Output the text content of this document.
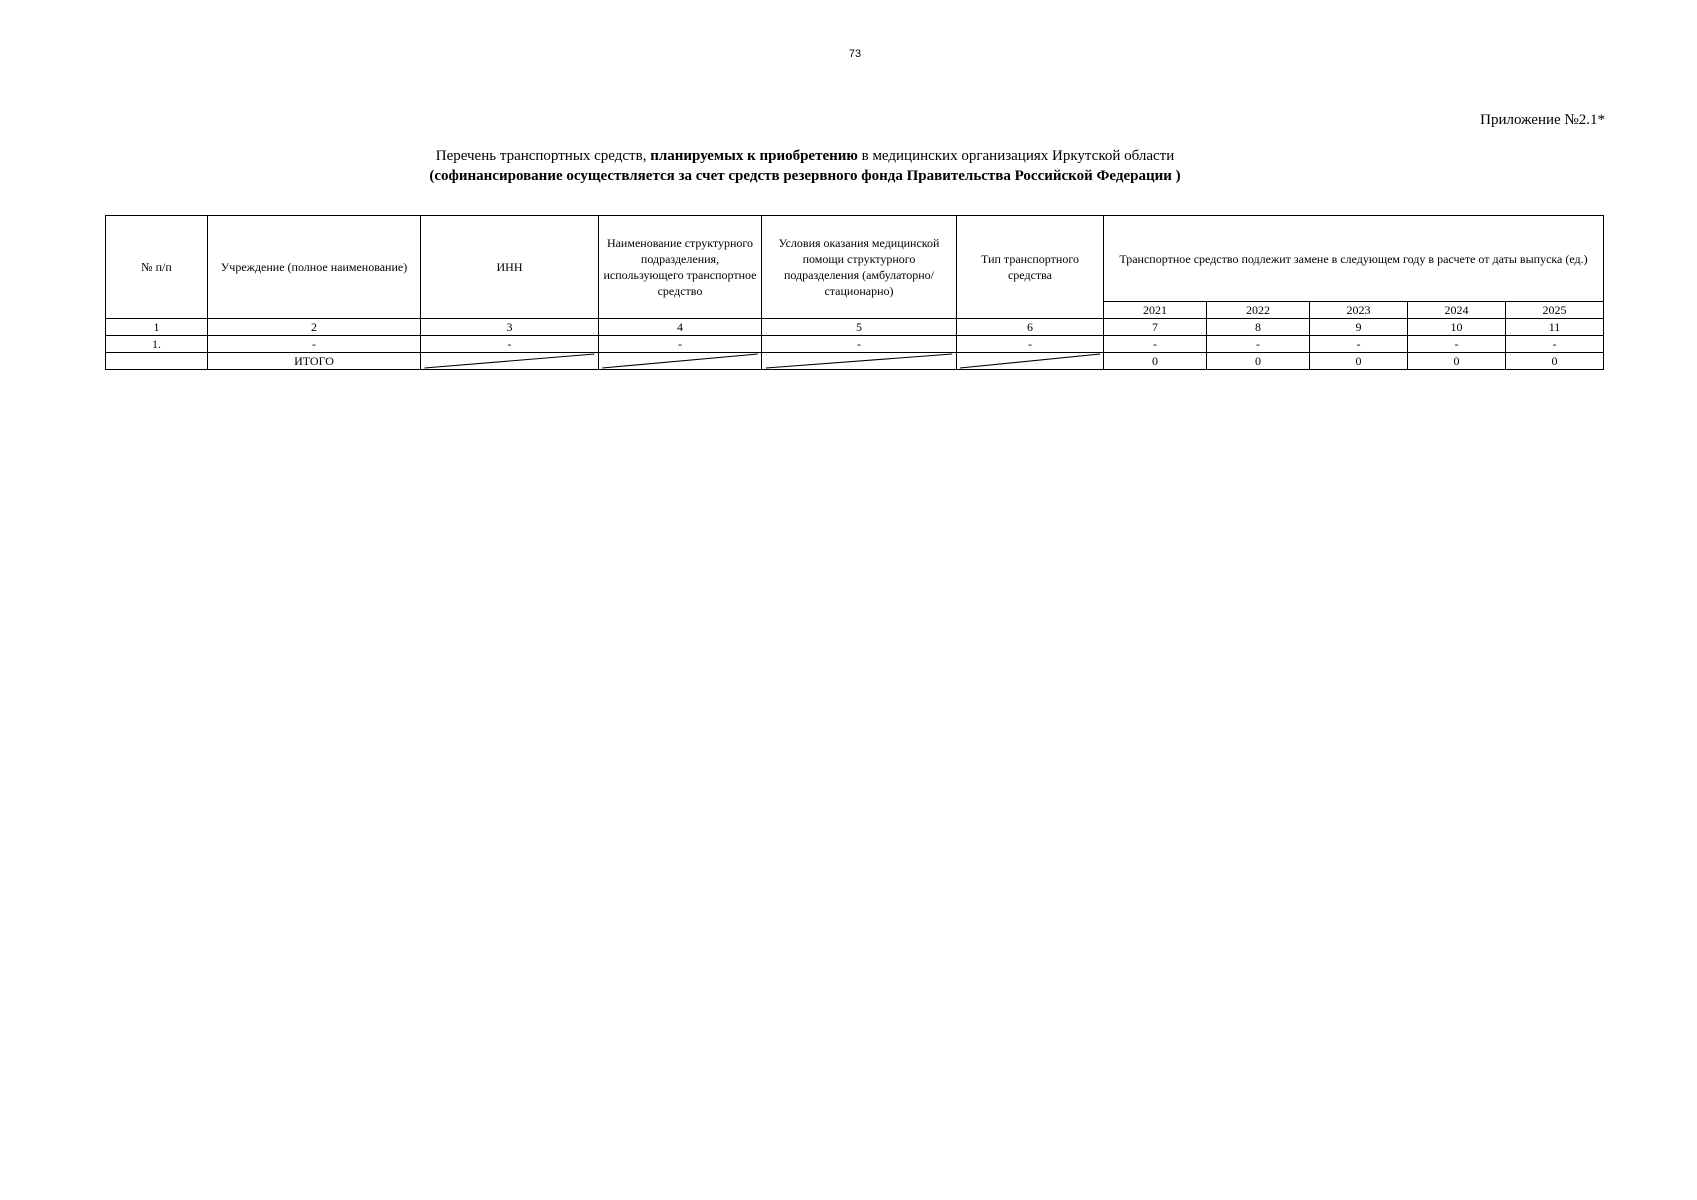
73
Приложение №2.1*
Перечень транспортных средств, планируемых к приобретению в медицинских организациях Иркутской области
(софинансирование осуществляется за счет средств резервного фонда Правительства Российской Федерации )
№ п/п	Учреждение (полное наименование)	ИНН	Наименование структурного подразделения, использующего транспортное средство	Условия оказания медицинской помощи структурного подразделения (амбулаторно/стационарно)	Тип транспортного средства	Транспортное средство подлежит замене в следующем году в расчете от даты выпуска (ед.)				
						2021	2022	2023	2024	2025
1	2	3	4	5	6	7	8	9	10	11
1.	-	-	-	-	-	-	-	-	-	-
	ИТОГО					0	0	0	0	0
